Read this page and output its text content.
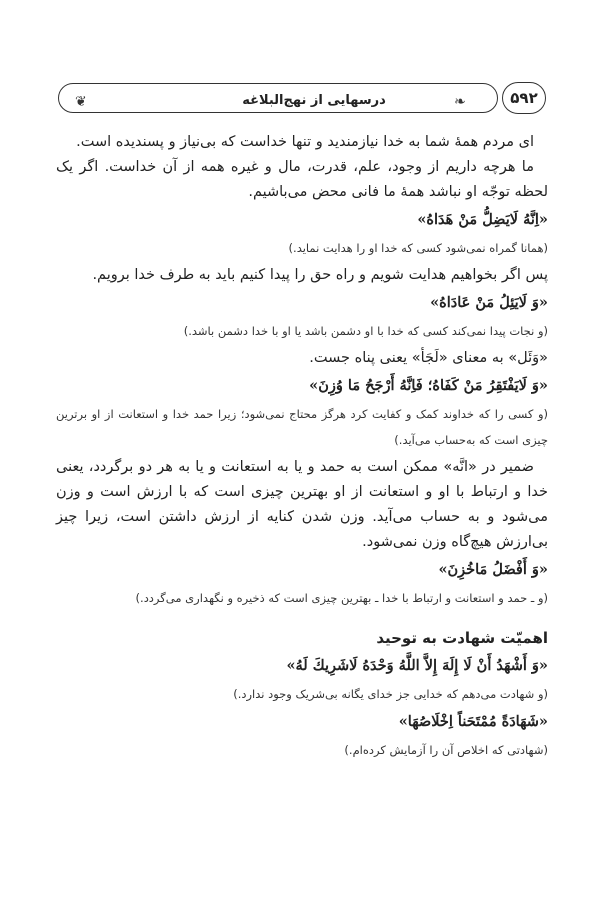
❦	درسهایی از نهج‌البلاغه	❧	۵۹۲

ای مردم همهٔ شما به خدا نیازمندید و تنها خداست که بی‌نیاز و پسندیده است.

ما هرچه داریم از وجود، علم، قدرت، مال و غیره همه از آن خداست. اگر یک لحظه توجّه او نباشد همهٔ ما فانی محض می‌باشیم.

«اِنَّهُ لَایَضِلُّ مَنْ هَدَاهُ»

(همانا گمراه نمی‌شود کسی که خدا او را هدایت نماید.)

پس اگر بخواهیم هدایت شویم و راه حق را پیدا کنیم باید به طرف خدا برویم.

«وَ لَایَئِلُ مَنْ عَادَاهُ»

(و نجات پیدا نمی‌کند کسی که خدا با او دشمن باشد یا او با خدا دشمن باشد.)

«وَئَل» به معنای «لَجَأ» یعنی پناه جست.

«وَ لَایَفْتَقِرُ مَنْ کَفَاهُ؛ فَاِنَّهُ أَرْجَحُ مَا وُزِنَ»

(و کسی را که خداوند کمک و کفایت کرد هرگز محتاج نمی‌شود؛ زیرا حمد خدا و استعانت از او برترین چیزی است که به‌حساب می‌آید.)

ضمیر در «انَّه» ممکن است به حمد و یا به استعانت و یا به هر دو برگردد، یعنی خدا و ارتباط با او و استعانت از او بهترین چیزی است که با ارزش است و وزن می‌شود و به حساب می‌آید. وزن شدن کنایه از ارزش داشتن است، زیرا چیز بی‌ارزش هیچ‌گاه وزن نمی‌شود.

«وَ أَفْضَلُ مَاخُزِنَ»

(و ـ حمد و استعانت و ارتباط با خدا ـ بهترین چیزی است که ذخیره و نگهداری می‌گردد.)

اهمیّت شهادت به توحید

«وَ أَشْهَدُ أَنْ لَا إِلَهَ إِلاَّ اللَّهُ وَحْدَهُ لَاشَرِیكَ لَهُ»

(و شهادت می‌دهم که خدایی جز خدای یگانه بی‌شریک وجود ندارد.)

«شَهَادَةً مُمْتَحَناً اِخْلَاصُهَا»

(شهادتی که اخلاص آن را آزمایش کرده‌ام.)
